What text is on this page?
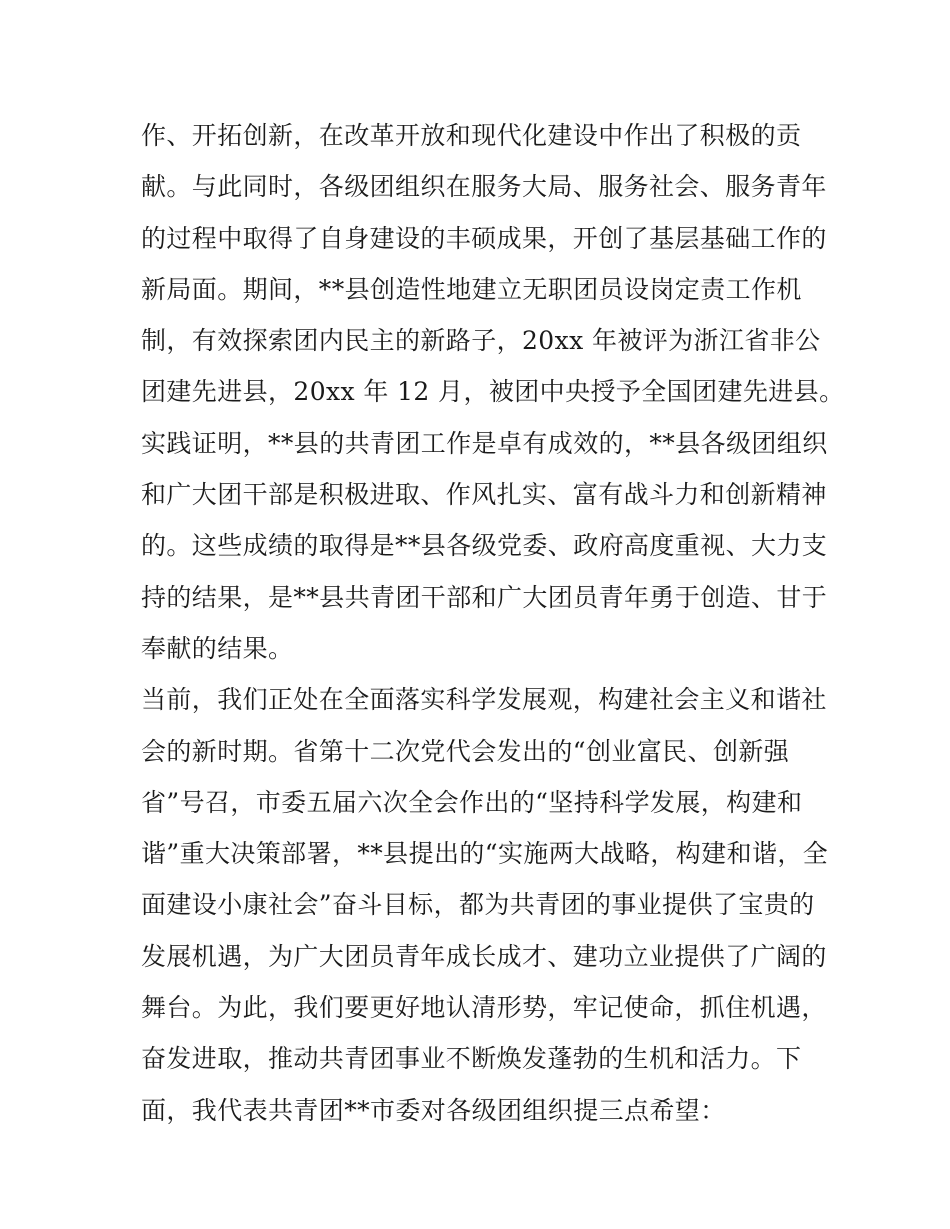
作、开拓创新，在改革开放和现代化建设中作出了积极的贡
献。与此同时，各级团组织在服务大局、服务社会、服务青年
的过程中取得了自身建设的丰硕成果，开创了基层基础工作的
新局面。期间，**县创造性地建立无职团员设岗定责工作机
制，有效探索团内民主的新路子，20xx 年被评为浙江省非公
团建先进县，20xx 年 12 月，被团中央授予全国团建先进县。
实践证明，**县的共青团工作是卓有成效的，**县各级团组织
和广大团干部是积极进取、作风扎实、富有战斗力和创新精神
的。这些成绩的取得是**县各级党委、政府高度重视、大力支
持的结果，是**县共青团干部和广大团员青年勇于创造、甘于
奉献的结果。
当前，我们正处在全面落实科学发展观，构建社会主义和谐社
会的新时期。省第十二次党代会发出的“创业富民、创新强
省”号召，市委五届六次全会作出的“坚持科学发展，构建和
谐”重大决策部署，**县提出的“实施两大战略，构建和谐，全
面建设小康社会”奋斗目标，都为共青团的事业提供了宝贵的
发展机遇，为广大团员青年成长成才、建功立业提供了广阔的
舞台。为此，我们要更好地认清形势，牢记使命，抓住机遇，
奋发进取，推动共青团事业不断焕发蓬勃的生机和活力。下
面，我代表共青团**市委对各级团组织提三点希望：
